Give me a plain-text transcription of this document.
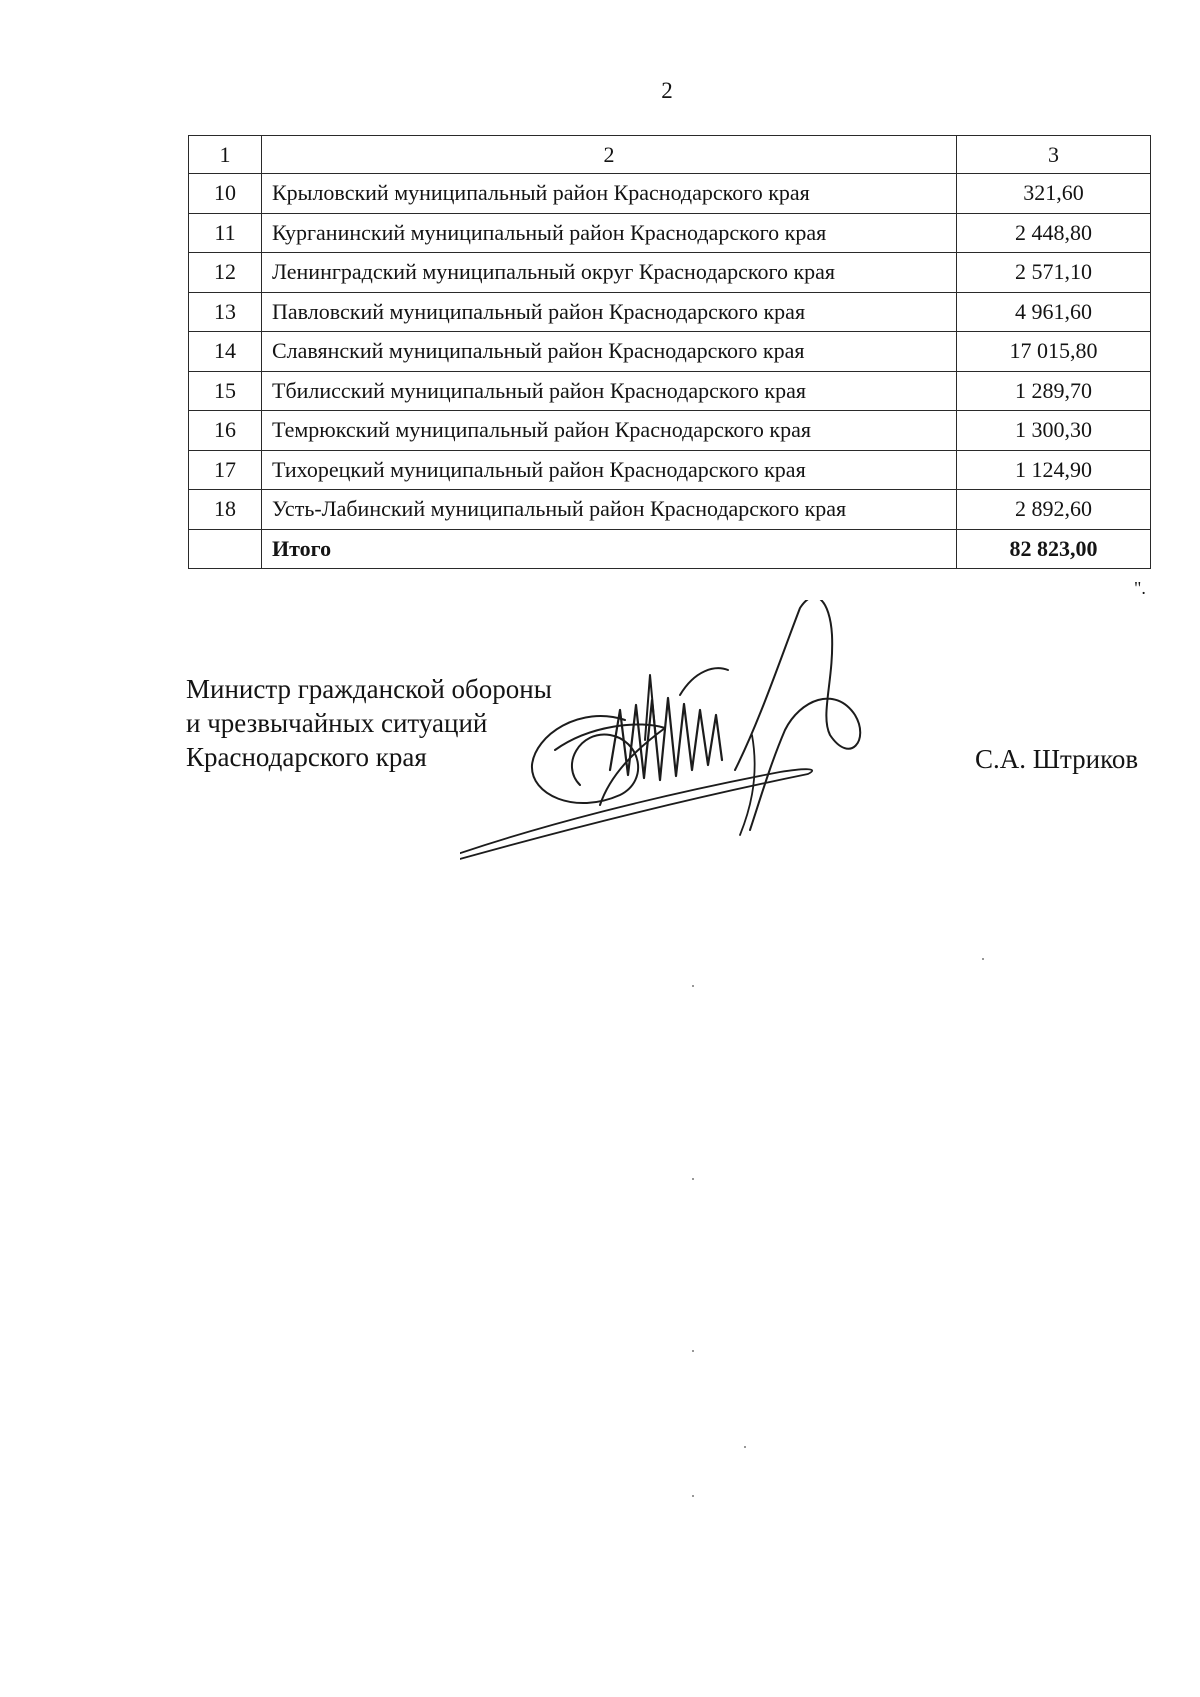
2
1	2	3
10	Крыловский муниципальный район Краснодарского края	321,60
11	Курганинский муниципальный район Краснодарского края	2 448,80
12	Ленинградский муниципальный округ Краснодарского края	2 571,10
13	Павловский муниципальный район Краснодарского края	4 961,60
14	Славянский муниципальный район Краснодарского края	17 015,80
15	Тбилисский муниципальный район Краснодарского края	1 289,70
16	Темрюкский муниципальный район Краснодарского края	1 300,30
17	Тихорецкий муниципальный район Краснодарского края	1 124,90
18	Усть-Лабинский муниципальный район Краснодарского края	2 892,60
	Итого	82 823,00
".
Министр гражданской обороны
и чрезвычайных ситуаций
Краснодарского края	С.А. Штриков
